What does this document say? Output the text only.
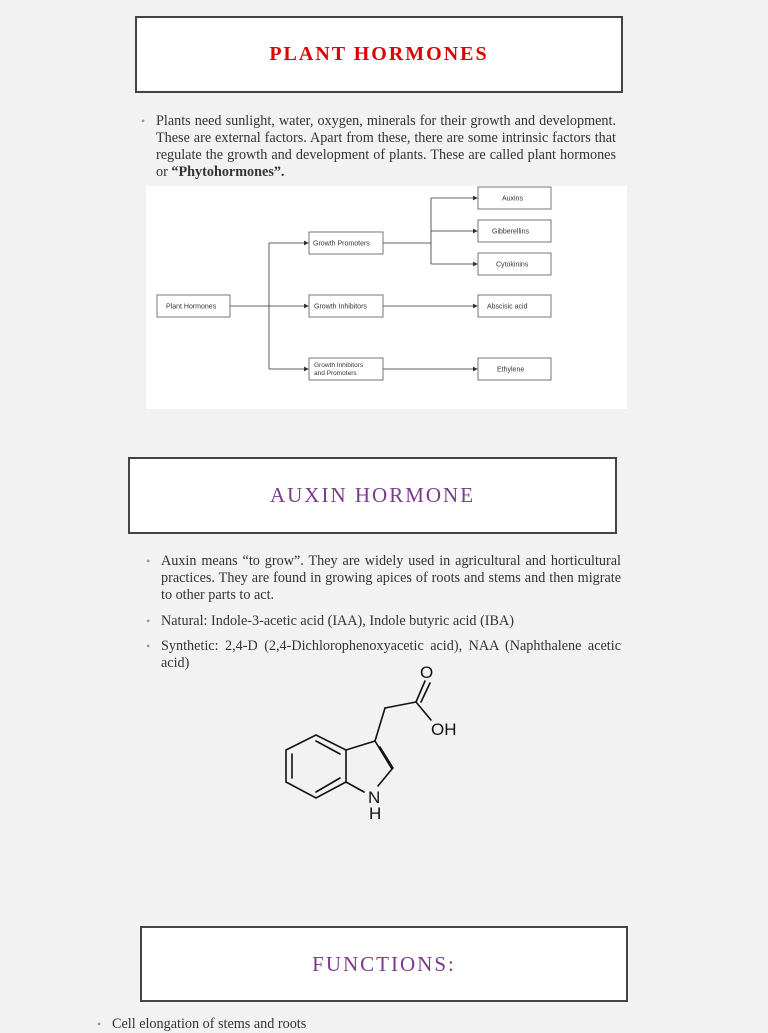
PLANT HORMONES
• Plants need sunlight, water, oxygen, minerals for their growth and development. These are external factors. Apart from these, there are some intrinsic factors that regulate the growth and development of plants. These are called plant hormones or “Phytohormones”.
Plant Hormones
Growth Promoters
Growth Inhibitors
Growth Inhibitors
and Promoters
Auxins
Gibberellins
Cytokinins
Abscisic acid
Ethylene
AUXIN HORMONE
• Auxin means “to grow”. They are widely used in agricultural and horticultural practices. They are found in growing apices of roots and stems and then migrate to other parts to act.
• Natural: Indole-3-acetic acid (IAA), Indole butyric acid (IBA)
• Synthetic: 2,4-D (2,4-Dichlorophenoxyacetic acid), NAA (Naphthalene acetic acid)	O
OH
N
H
FUNCTIONS:
• Cell elongation of stems and roots
